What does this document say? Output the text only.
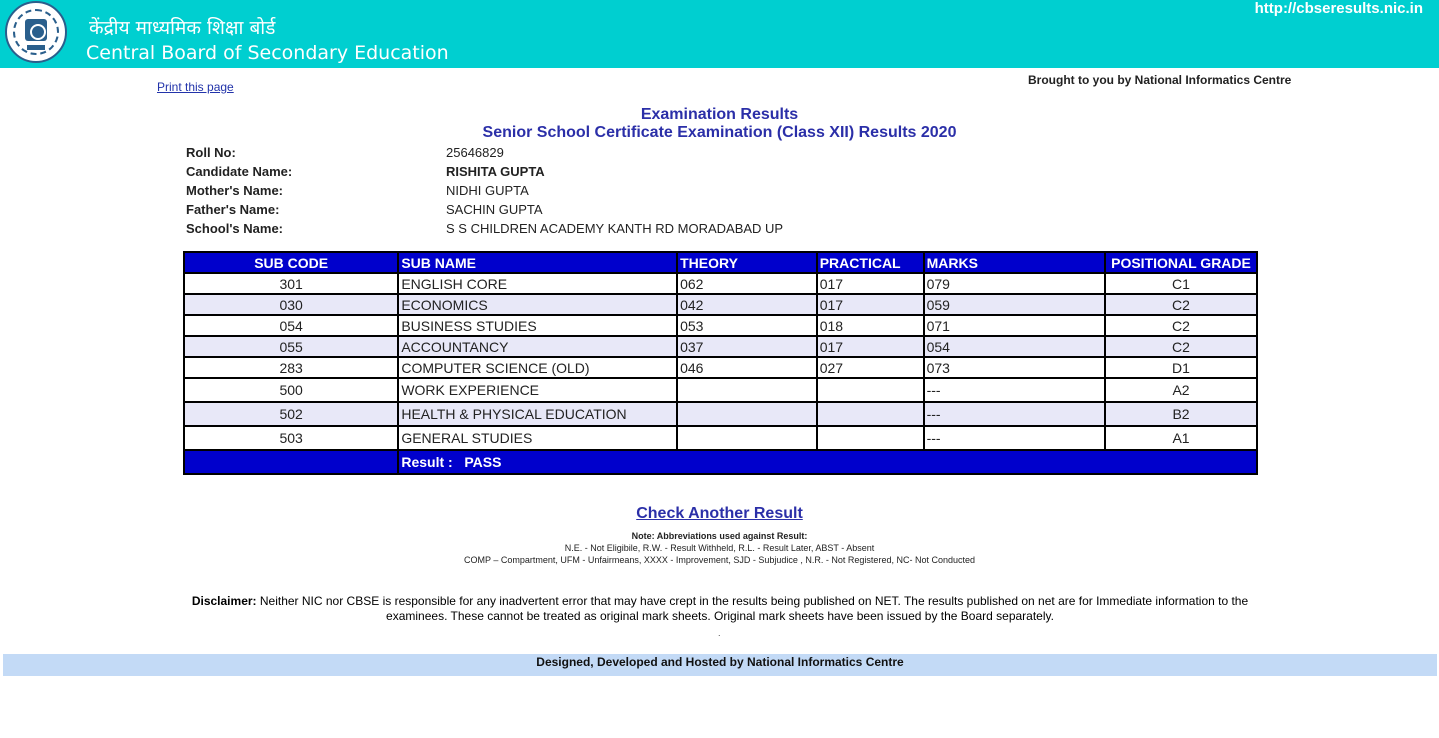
केंद्रीय माध्यमिक शिक्षा बोर्ड
Central Board of Secondary Education
http://cbseresults.nic.in
Print this page	Brought to you by National Informatics Centre
Examination Results
Senior School Certificate Examination (Class XII) Results 2020
Roll No:	25646829
Candidate Name:	RISHITA GUPTA
Mother's Name:	NIDHI GUPTA
Father's Name:	SACHIN GUPTA
School's Name:	S S CHILDREN ACADEMY KANTH RD MORADABAD UP
SUB CODE	SUB NAME	THEORY	PRACTICAL	MARKS	POSITIONAL GRADE
301	ENGLISH CORE	062	017	079	C1
030	ECONOMICS	042	017	059	C2
054	BUSINESS STUDIES	053	018	071	C2
055	ACCOUNTANCY	037	017	054	C2
283	COMPUTER SCIENCE (OLD)	046	027	073	D1
500	WORK EXPERIENCE			---	A2
502	HEALTH & PHYSICAL EDUCATION			---	B2
503	GENERAL STUDIES			---	A1
	Result :   PASS				
Check Another Result
Note: Abbreviations used against Result:
N.E. - Not Eligibile, R.W. - Result Withheld, R.L. - Result Later, ABST - Absent
COMP – Compartment, UFM - Unfairmeans, XXXX - Improvement, SJD - Subjudice , N.R. - Not Registered, NC- Not Conducted
Disclaimer: Neither NIC nor CBSE is responsible for any inadvertent error that may have crept in the results being published on NET. The results published on net are for Immediate information to the examinees. These cannot be treated as original mark sheets. Original mark sheets have been issued by the Board separately.
.
Designed, Developed and Hosted by National Informatics Centre
